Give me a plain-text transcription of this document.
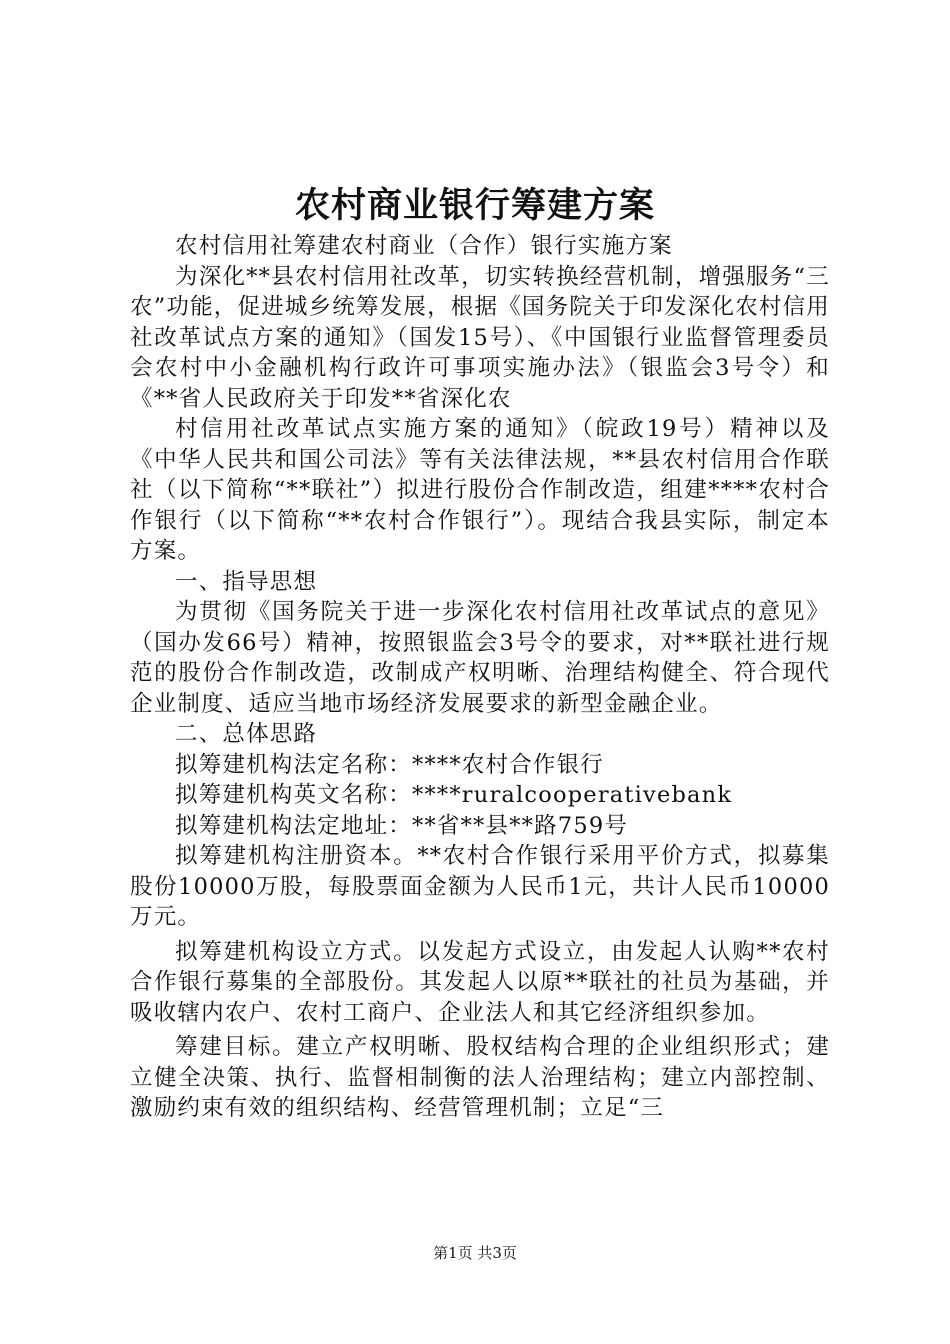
农村商业银行筹建方案

农村信用社筹建农村商业（合作）银行实施方案

为深化**县农村信用社改革，切实转换经营机制，增强服务“三农”功能，促进城乡统筹发展，根据《国务院关于印发深化农村信用社改革试点方案的通知》（国发15号）、《中国银行业监督管理委员会农村中小金融机构行政许可事项实施办法》（银监会3号令）和《**省人民政府关于印发**省深化农

村信用社改革试点实施方案的通知》（皖政19号）精神以及《中华人民共和国公司法》等有关法律法规，**县农村信用合作联社（以下简称“**联社”）拟进行股份合作制改造，组建****农村合作银行（以下简称“**农村合作银行”）。现结合我县实际，制定本方案。

一、指导思想

为贯彻《国务院关于进一步深化农村信用社改革试点的意见》（国办发66号）精神，按照银监会3号令的要求，对**联社进行规范的股份合作制改造，改制成产权明晰、治理结构健全、符合现代企业制度、适应当地市场经济发展要求的新型金融企业。

二、总体思路

拟筹建机构法定名称：****农村合作银行

拟筹建机构英文名称：****ruralcooperativebank

拟筹建机构法定地址：**省**县**路759号

拟筹建机构注册资本。**农村合作银行采用平价方式，拟募集股份10000万股，每股票面金额为人民币1元，共计人民币10000万元。

拟筹建机构设立方式。以发起方式设立，由发起人认购**农村合作银行募集的全部股份。其发起人以原**联社的社员为基础，并吸收辖内农户、农村工商户、企业法人和其它经济组织参加。

筹建目标。建立产权明晰、股权结构合理的企业组织形式；建立健全决策、执行、监督相制衡的法人治理结构；建立内部控制、激励约束有效的组织结构、经营管理机制；立足“三

第1页 共3页
